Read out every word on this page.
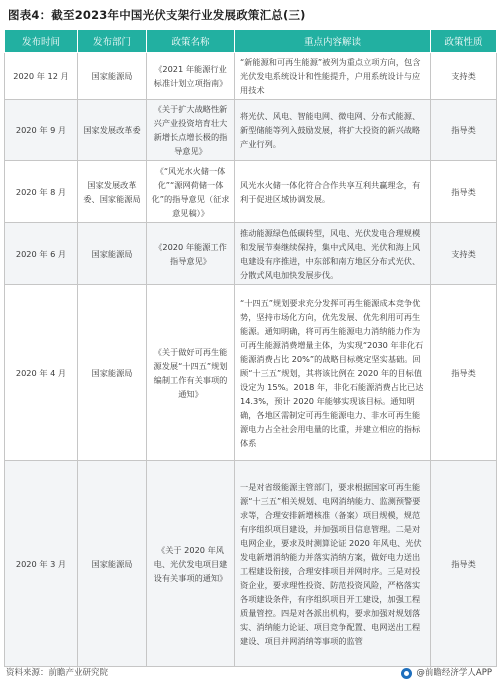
图表4：截至2023年中国光伏支架行业发展政策汇总(三)
发布时间	发布部门	政策名称	重点内容解读	政策性质
2020 年 12 月	国家能源局	《2021 年能源行业标准计划立项指南》	“新能源和可再生能源”被列为重点立项方向，包含光伏发电系统设计和性能提升，户用系统设计与应用技术	支持类
2020 年 9 月	国家发展改革委	《关于扩大战略性新兴产业投资培育壮大新增长点增长极的指导意见》	将光伏、风电、智能电网、微电网、分布式能源、新型储能等列入鼓励发展，将扩大投资的新兴战略产业行列。	指导类
2020 年 8 月	国家发展改革委、国家能源局	《“风光水火储一体化”“源网荷储一体化”的指导意见（征求意见稿）》	风光水火储一体化符合合作共享互利共赢理念，有利于促进区域协调发展。	指导类
2020 年 6 月	国家能源局	《2020 年能源工作指导意见》	推动能源绿色低碳转型，风电、光伏发电合理规模和发展节奏继续保持，集中式风电、光伏和海上风电建设有序推进，中东部和南方地区分布式光伏、分散式风电加快发展步伐。	支持类
2020 年 4 月	国家能源局	《关于做好可再生能源发展“十四五”规划编制工作有关事项的通知》	“十四五”规划要求充分发挥可再生能源成本竞争优势，坚持市场化方向，优先发展、优先利用可再生能源。通知明确，将可再生能源电力消纳能力作为可再生能源消费增量主体，为实现“2030 年非化石能源消费占比 20%”的战略目标奠定坚实基础。回顾“十三五”规划，其将该比例在 2020 年的目标值设定为 15%。2018 年，非化石能源消费占比已达 14.3%，预计 2020 年能够实现该目标。通知明确，各地区需制定可再生能源电力、非水可再生能源电力占全社会用电量的比重，并建立相应的指标体系	指导类
2020 年 3 月	国家能源局	《关于 2020 年风电、光伏发电项目建设有关事项的通知》	一是对省级能源主管部门，要求根据国家可再生能源“十三五”相关规划、电网消纳能力、监测预警要求等，合理安排新增核准（备案）项目规模，规范有序组织项目建设，并加强项目信息管理。二是对电网企业，要求及时测算论证 2020 年风电、光伏发电新增消纳能力并落实消纳方案，做好电力送出工程建设衔接，合理安排项目并网时序。三是对投资企业，要求理性投资、防范投资风险，严格落实各项建设条件，有序组织项目开工建设，加强工程质量管控。四是对各派出机构，要求加强对规划落实、消纳能力论证、项目竞争配置、电网送出工程建设、项目并网消纳等事项的监管	指导类
资料来源：前瞻产业研究院	@前瞻经济学人APP
